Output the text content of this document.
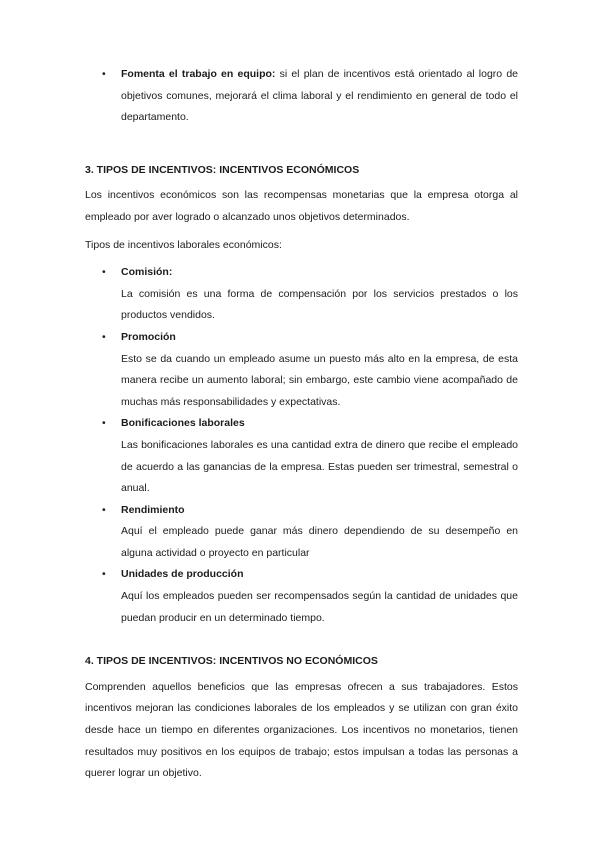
•	Fomenta el trabajo en equipo: si el plan de incentivos está orientado al logro de objetivos comunes, mejorará el clima laboral y el rendimiento en general de todo el departamento.

3. TIPOS DE INCENTIVOS: INCENTIVOS ECONÓMICOS

Los incentivos económicos son las recompensas monetarias que la empresa otorga al empleado por aver logrado o alcanzado unos objetivos determinados.

Tipos de incentivos laborales económicos:

•	Comisión:

La comisión es una forma de compensación por los servicios prestados o los productos vendidos.

•	Promoción

Esto se da cuando un empleado asume un puesto más alto en la empresa, de esta manera recibe un aumento laboral; sin embargo, este cambio viene acompañado de muchas más responsabilidades y expectativas.

•	Bonificaciones laborales

Las bonificaciones laborales es una cantidad extra de dinero que recibe el empleado de acuerdo a las ganancias de la empresa. Estas pueden ser trimestral, semestral o anual.

•	Rendimiento

Aquí el empleado puede ganar más dinero dependiendo de su desempeño en alguna actividad o proyecto en particular

•	Unidades de producción

Aquí los empleados pueden ser recompensados según la cantidad de unidades que puedan producir en un determinado tiempo.

4. TIPOS DE INCENTIVOS: INCENTIVOS NO ECONÓMICOS

Comprenden aquellos beneficios que las empresas ofrecen a sus trabajadores. Estos incentivos mejoran las condiciones laborales de los empleados y se utilizan con gran éxito desde hace un tiempo en diferentes organizaciones. Los incentivos no monetarios, tienen resultados muy positivos en los equipos de trabajo; estos impulsan a todas las personas a querer lograr un objetivo.
